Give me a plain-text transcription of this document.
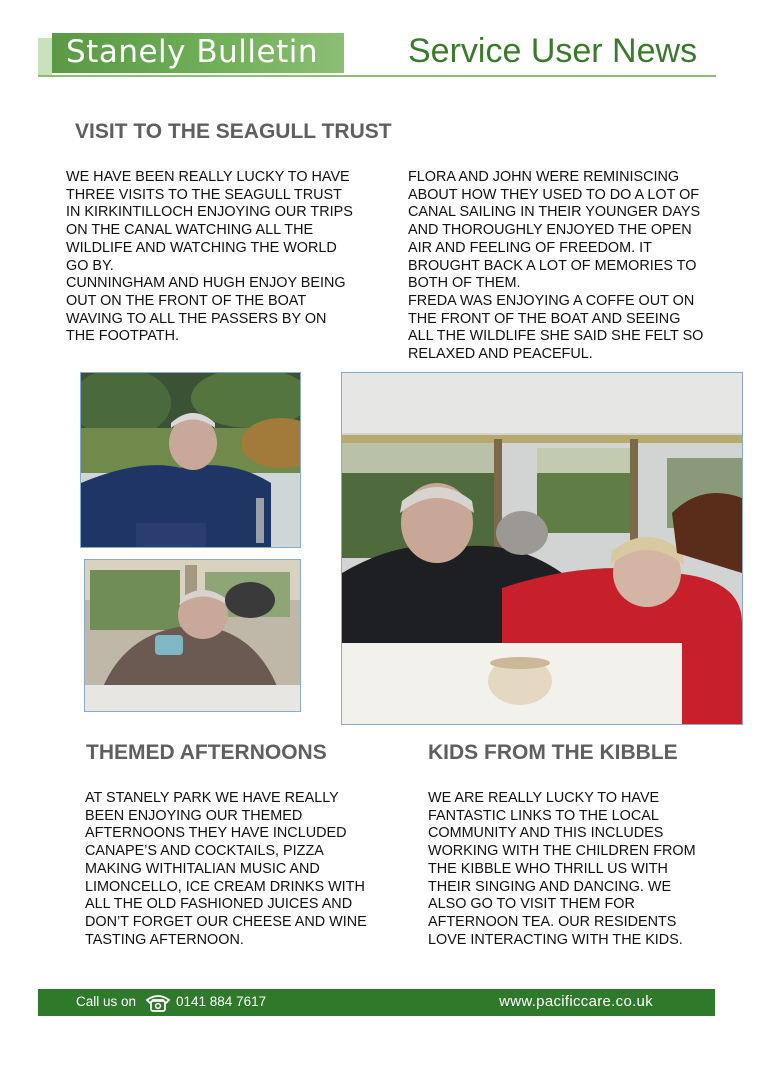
Stanely Bulletin	Service User News
VISIT TO THE SEAGULL TRUST
WE HAVE BEEN REALLY LUCKY TO HAVE
THREE VISITS TO THE SEAGULL TRUST
IN KIRKINTILLOCH ENJOYING OUR TRIPS
ON THE CANAL WATCHING ALL THE
WILDLIFE AND WATCHING THE WORLD
GO BY.
CUNNINGHAM AND HUGH ENJOY BEING
OUT ON THE FRONT OF THE BOAT
WAVING TO ALL THE PASSERS BY ON
THE FOOTPATH.
FLORA AND JOHN WERE REMINISCING
ABOUT HOW THEY USED TO DO A LOT OF
CANAL SAILING IN THEIR YOUNGER DAYS
AND THOROUGHLY ENJOYED THE OPEN
AIR AND FEELING OF FREEDOM. IT
BROUGHT BACK A LOT OF MEMORIES TO
BOTH OF THEM.
FREDA WAS ENJOYING A COFFE OUT ON
THE FRONT OF THE BOAT AND SEEING
ALL THE WILDLIFE SHE SAID SHE FELT SO
RELAXED AND PEACEFUL.
THEMED AFTERNOONS
AT STANELY PARK WE HAVE REALLY
BEEN ENJOYING OUR THEMED
AFTERNOONS THEY HAVE INCLUDED
CANAPE’S AND COCKTAILS, PIZZA
MAKING WITHITALIAN MUSIC AND
LIMONCELLO, ICE CREAM DRINKS WITH
ALL THE OLD FASHIONED JUICES AND
DON’T FORGET OUR CHEESE AND WINE
TASTING AFTERNOON.
KIDS FROM THE KIBBLE
WE ARE REALLY LUCKY TO HAVE
FANTASTIC LINKS TO THE LOCAL
COMMUNITY AND THIS INCLUDES
WORKING WITH THE CHILDREN FROM
THE KIBBLE WHO THRILL US WITH
THEIR SINGING AND DANCING. WE
ALSO GO TO VISIT THEM FOR
AFTERNOON TEA. OUR RESIDENTS
LOVE INTERACTING WITH THE KIDS.
Call us on	0141 884 7617	www.pacificcare.co.uk
